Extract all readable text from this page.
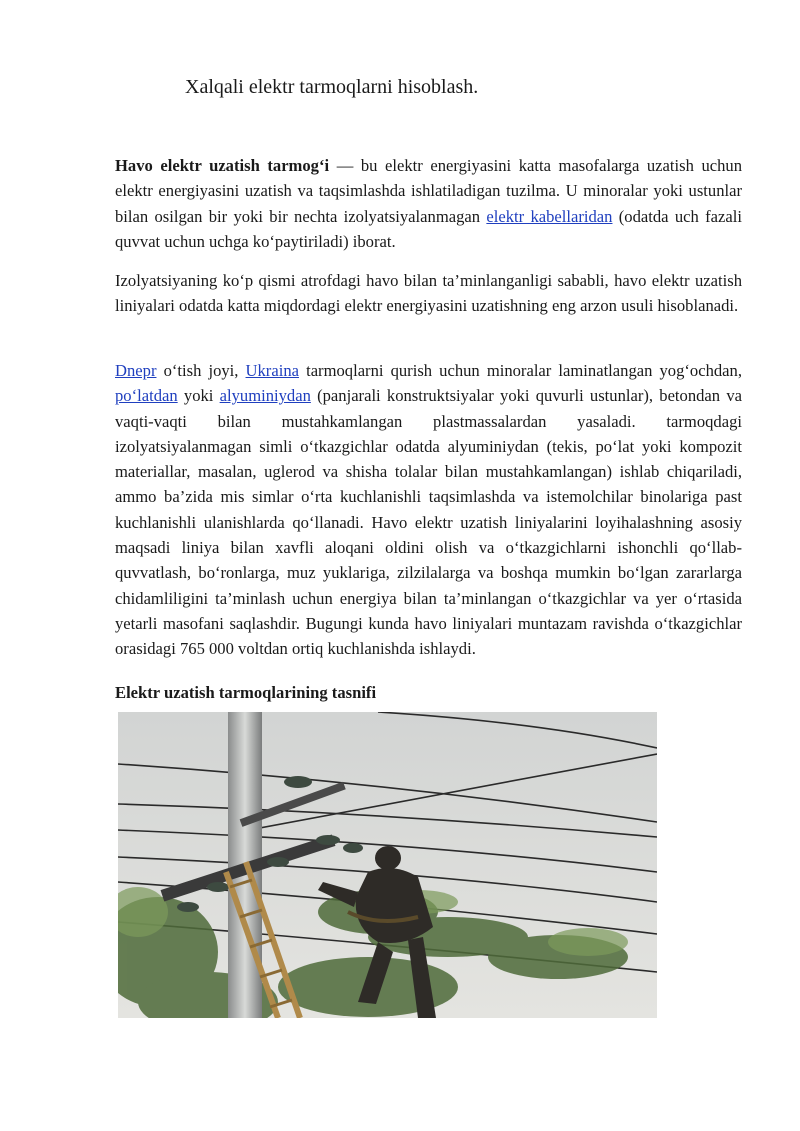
Xalqali elektr tarmoqlarni hisoblash.

Havo elektr uzatish tarmog‘i — bu elektr energiyasini katta masofalarga uzatish uchun elektr energiyasini uzatish va taqsimlashda ishlatiladigan tuzilma. U minoralar yoki ustunlar bilan osilgan bir yoki bir nechta izolyatsiyalanmagan elektr kabellaridan (odatda uch fazali quvvat uchun uchga ko‘paytiriladi) iborat.

Izolyatsiyaning ko‘p qismi atrofdagi havo bilan ta’minlanganligi sababli, havo elektr uzatish liniyalari odatda katta miqdordagi elektr energiyasini uzatishning eng arzon usuli hisoblanadi.

Dnepr o‘tish joyi, Ukraina tarmoqlarni qurish uchun minoralar laminatlangan yog‘ochdan, po‘latdan yoki alyuminiydan (panjarali konstruktsiyalar yoki quvurli ustunlar), betondan va vaqti-vaqti bilan mustahkamlangan plastmassalardan yasaladi. tarmoqdagi izolyatsiyalanmagan simli o‘tkazgichlar odatda alyuminiydan (tekis, po‘lat yoki kompozit materiallar, masalan, uglerod va shisha tolalar bilan mustahkamlangan) ishlab chiqariladi, ammo ba’zida mis simlar o‘rta kuchlanishli taqsimlashda va istemolchilar binolariga past kuchlanishli ulanishlarda qo‘llanadi. Havo elektr uzatish liniyalarini loyihalashning asosiy maqsadi liniya bilan xavfli aloqani oldini olish va o‘tkazgichlarni ishonchli qo‘llab-quvvatlash, bo‘ronlarga, muz yuklariga, zilzilalarga va boshqa mumkin bo‘lgan zararlarga chidamliligini ta’minlash uchun energiya bilan ta’minlangan o‘tkazgichlar va yer o‘rtasida yetarli masofani saqlashdir. Bugungi kunda havo liniyalari muntazam ravishda o‘tkazgichlar orasidagi 765 000 voltdan ortiq kuchlanishda ishlaydi.

Elektr uzatish tarmoqlarining tasnifi
